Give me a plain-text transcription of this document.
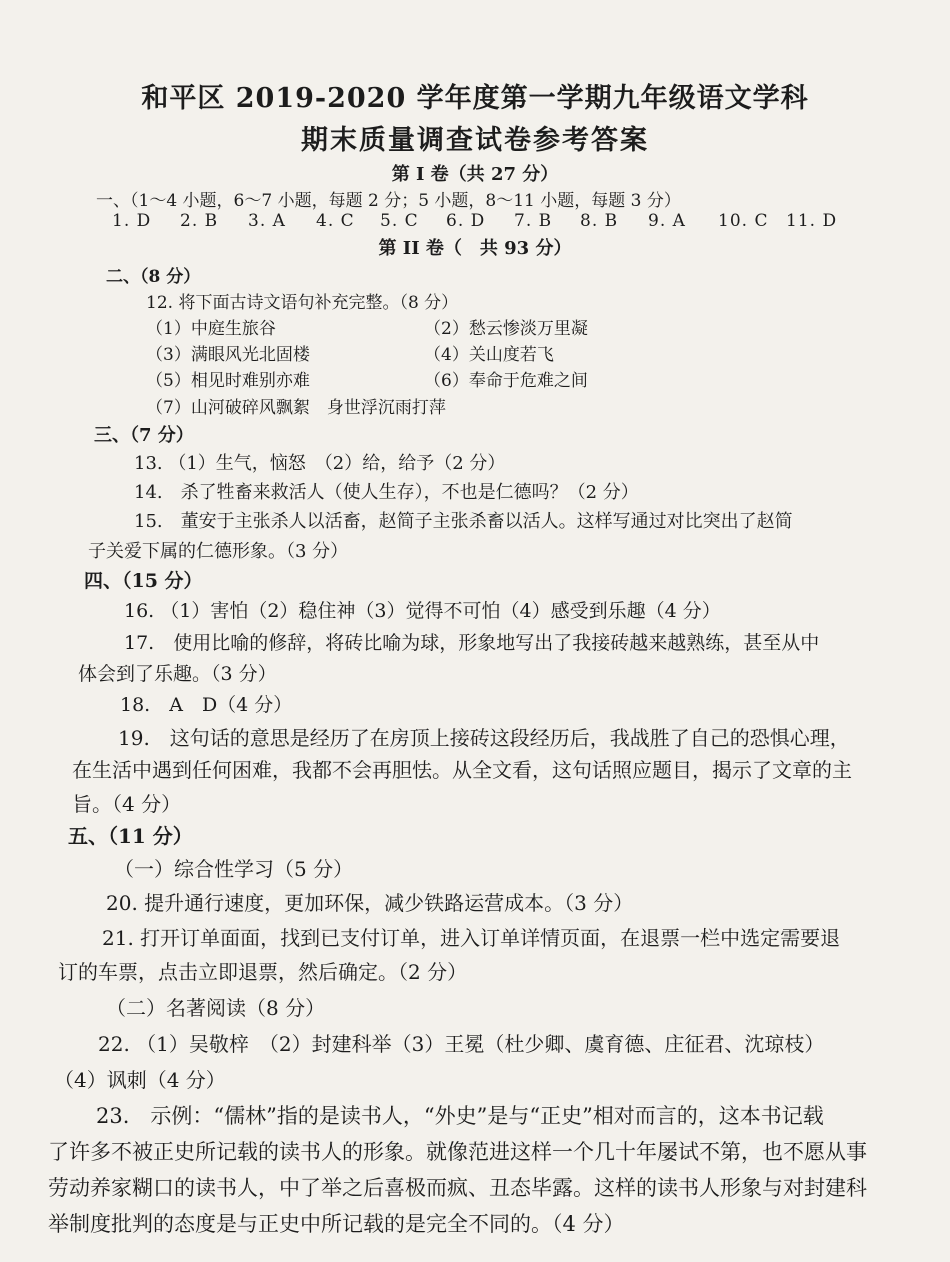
和平区 2019-2020 学年度第一学期九年级语文学科
期末质量调查试卷参考答案
第 I 卷（共 27 分）
一、（1～4 小题，6～7 小题，每题 2 分；5 小题，8～11 小题，每题 3 分）
1. D 2. B 3. A 4. C 5. C 6. D 7. B 8. B 9. A 10. C 11. D
第 II 卷（　共 93 分）
二、（8 分）
12. 将下面古诗文语句补充完整。（8 分）
（1）中庭生旅谷	（2）愁云惨淡万里凝
（3）满眼风光北固楼	（4）关山度若飞
（5）相见时难别亦难	（6）奉命于危难之间
（7）山河破碎风飘絮　身世浮沉雨打萍
三、（7 分）
13. （1）生气，恼怒　（2）给，给予（2 分）
14.　杀了牲畜来救活人（使人生存），不也是仁德吗？（2 分）
15.　董安于主张杀人以活畜，赵简子主张杀畜以活人。这样写通过对比突出了赵简
子关爱下属的仁德形象。（3 分）
四、（15 分）
16. （1）害怕（2）稳住神（3）觉得不可怕（4）感受到乐趣（4 分）
17.　使用比喻的修辞，将砖比喻为球，形象地写出了我接砖越来越熟练，甚至从中
体会到了乐趣。（3 分）
18.　A　D（4 分）
19.　这句话的意思是经历了在房顶上接砖这段经历后，我战胜了自己的恐惧心理，
在生活中遇到任何困难，我都不会再胆怯。从全文看，这句话照应题目，揭示了文章的主
旨。（4 分）
五、（11 分）
（一）综合性学习（5 分）
20. 提升通行速度，更加环保，减少铁路运营成本。（3 分）
21. 打开订单面面，找到已支付订单，进入订单详情页面，在退票一栏中选定需要退
订的车票，点击立即退票，然后确定。（2 分）
（二）名著阅读（8 分）
22. （1）吴敬梓　（2）封建科举（3）王冕（杜少卿、虞育德、庄征君、沈琼枝）
（4）讽刺（4 分）
23.　示例：“儒林”指的是读书人，“外史”是与“正史”相对而言的，这本书记载
了许多不被正史所记载的读书人的形象。就像范进这样一个几十年屡试不第，也不愿从事
劳动养家糊口的读书人，中了举之后喜极而疯、丑态毕露。这样的读书人形象与对封建科
举制度批判的态度是与正史中所记载的是完全不同的。（4 分）
